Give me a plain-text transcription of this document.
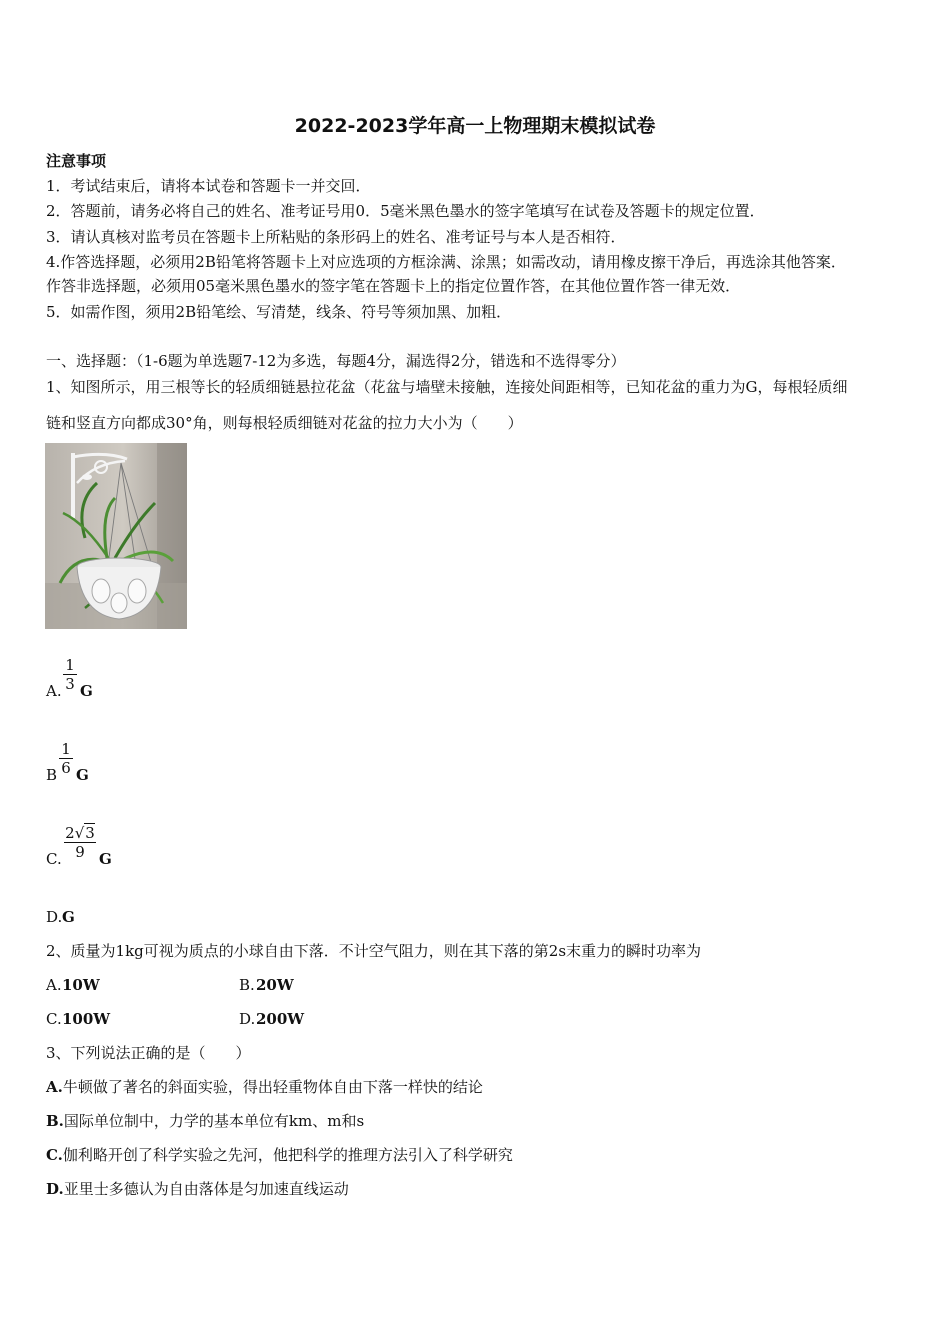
2022-2023学年高一上物理期末模拟试卷
注意事项
1．考试结束后，请将本试卷和答题卡一并交回．
2．答题前，请务必将自己的姓名、准考证号用0．5毫米黑色墨水的签字笔填写在试卷及答题卡的规定位置．
3．请认真核对监考员在答题卡上所粘贴的条形码上的姓名、准考证号与本人是否相符．
4.作答选择题，必须用2B铅笔将答题卡上对应选项的方框涂满、涂黑；如需改动，请用橡皮擦干净后，再选涂其他答案．
作答非选择题，必须用05毫米黑色墨水的签字笔在答题卡上的指定位置作答，在其他位置作答一律无效．
5．如需作图，须用2B铅笔绘、写清楚，线条、符号等须加黑、加粗．
一、选择题：（1-6题为单选题7-12为多选，每题4分，漏选得2分，错选和不选得零分）
1、知图所示，用三根等长的轻质细链悬拉花盆（花盆与墙壁未接触，连接处间距相等，已知花盆的重力为G，每根轻质细
链和竖直方向都成30°角，则每根轻质细链对花盆的拉力大小为（　　）
A.
1
3 G
B
1
6 G
C.
2√3
9 G
D. G
2、质量为1kg可视为质点的小球自由下落．不计空气阻力，则在其下落的第2s末重力的瞬时功率为
A. 10W	B. 20W
C. 100W	D. 200W
3、下列说法正确的是（　　）
A.牛顿做了著名的斜面实验，得出轻重物体自由下落一样快的结论
B.国际单位制中，力学的基本单位有km、m和s
C.伽利略开创了科学实验之先河，他把科学的推理方法引入了科学研究
D.亚里士多德认为自由落体是匀加速直线运动
